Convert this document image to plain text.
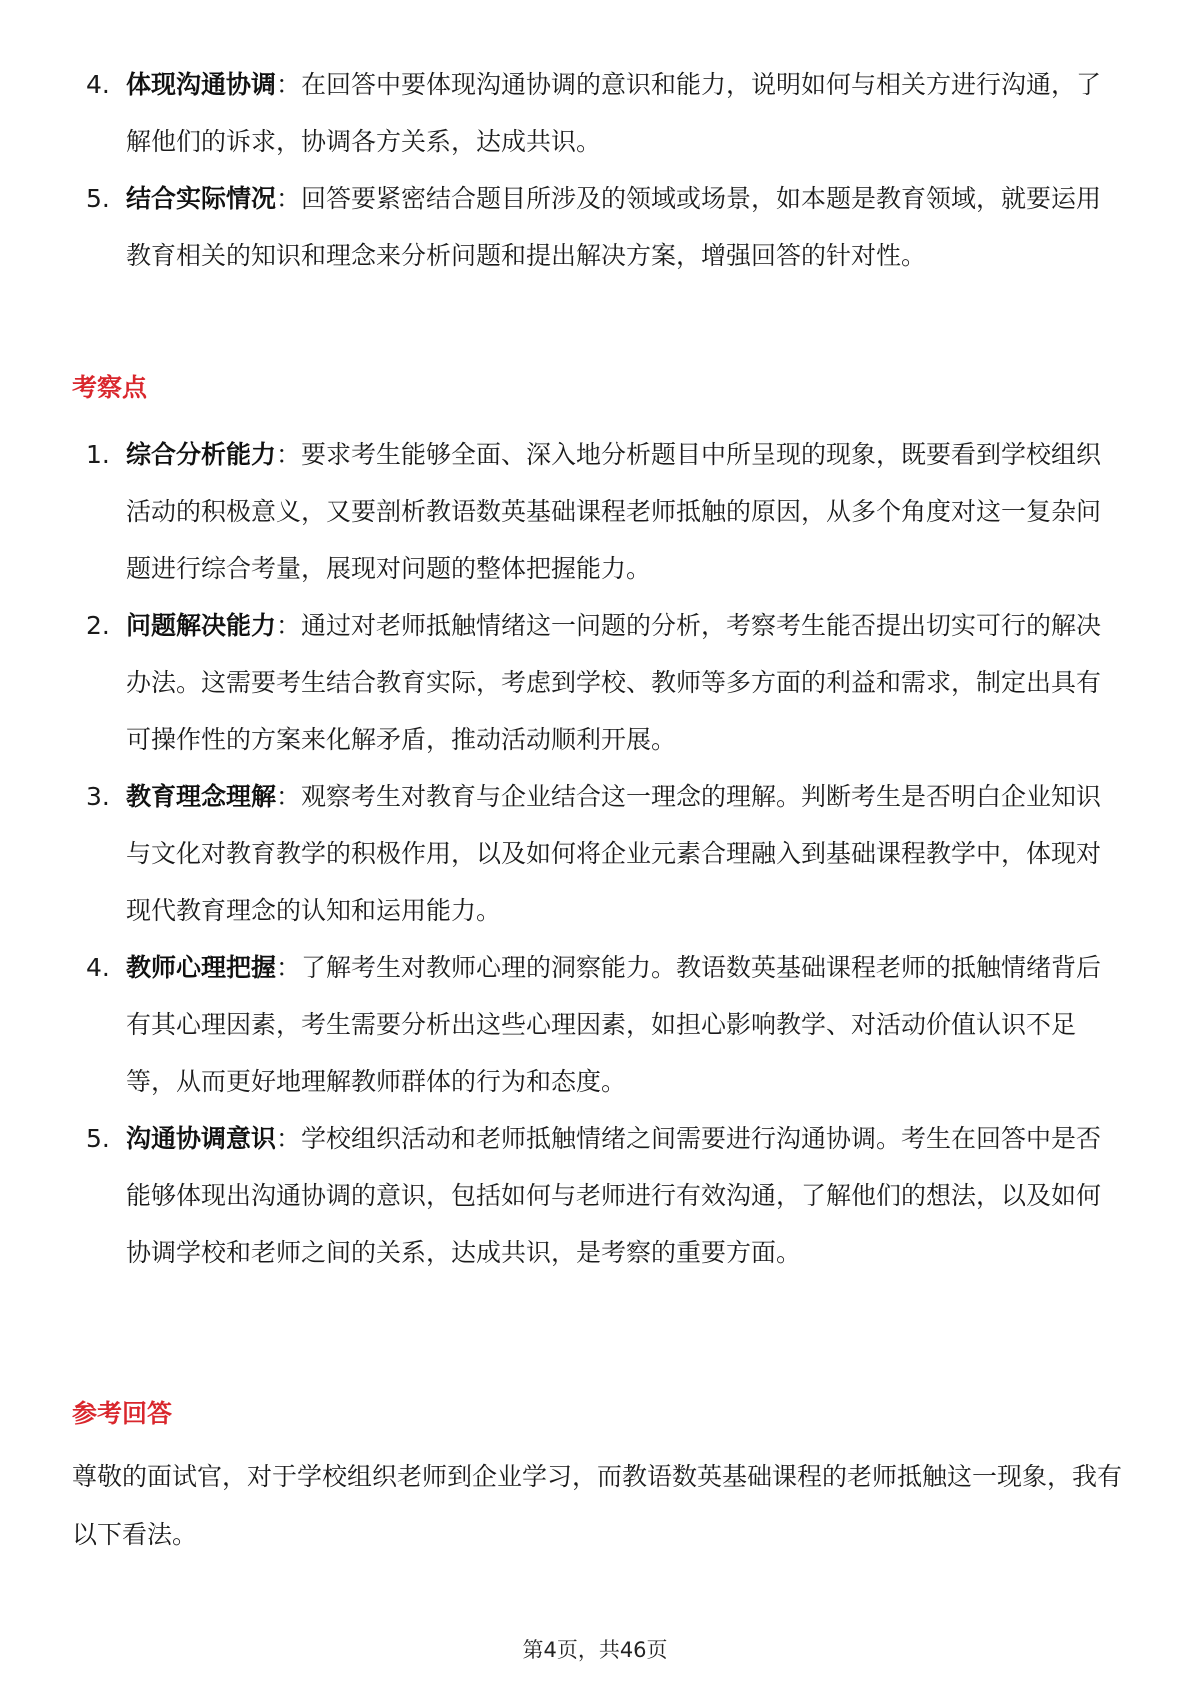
4. 体现沟通协调：在回答中要体现沟通协调的意识和能力，说明如何与相关方进行沟通，了解他们的诉求，协调各方关系，达成共识。
5. 结合实际情况：回答要紧密结合题目所涉及的领域或场景，如本题是教育领域，就要运用教育相关的知识和理念来分析问题和提出解决方案，增强回答的针对性。
考察点
1. 综合分析能力：要求考生能够全面、深入地分析题目中所呈现的现象，既要看到学校组织活动的积极意义，又要剖析教语数英基础课程老师抵触的原因，从多个角度对这一复杂问题进行综合考量，展现对问题的整体把握能力。
2. 问题解决能力：通过对老师抵触情绪这一问题的分析，考察考生能否提出切实可行的解决办法。这需要考生结合教育实际，考虑到学校、教师等多方面的利益和需求，制定出具有可操作性的方案来化解矛盾，推动活动顺利开展。
3. 教育理念理解：观察考生对教育与企业结合这一理念的理解。判断考生是否明白企业知识与文化对教育教学的积极作用，以及如何将企业元素合理融入到基础课程教学中，体现对现代教育理念的认知和运用能力。
4. 教师心理把握：了解考生对教师心理的洞察能力。教语数英基础课程老师的抵触情绪背后有其心理因素，考生需要分析出这些心理因素，如担心影响教学、对活动价值认识不足等，从而更好地理解教师群体的行为和态度。
5. 沟通协调意识：学校组织活动和老师抵触情绪之间需要进行沟通协调。考生在回答中是否能够体现出沟通协调的意识，包括如何与老师进行有效沟通，了解他们的想法，以及如何协调学校和老师之间的关系，达成共识，是考察的重要方面。
参考回答

尊敬的面试官，对于学校组织老师到企业学习，而教语数英基础课程的老师抵触这一现象，我有以下看法。

第4页，共46页
